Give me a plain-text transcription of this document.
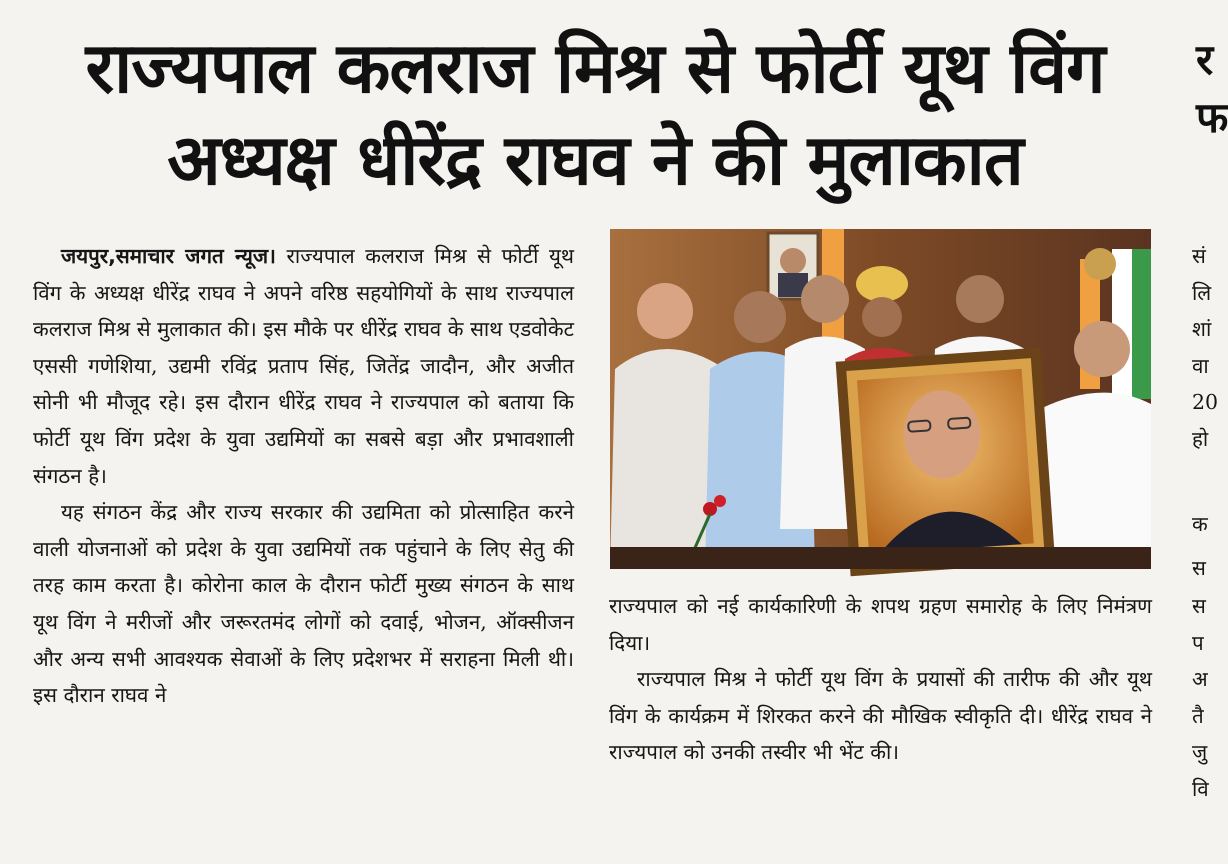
राज्यपाल कलराज मिश्र से फोर्टी यूथ विंग
अध्यक्ष धीरेंद्र राघव ने की मुलाकात

जयपुर,समाचार जगत न्यूज। राज्यपाल कलराज मिश्र से फोर्टी यूथ विंग के अध्यक्ष धीरेंद्र राघव ने अपने वरिष्ठ सहयोगियों के साथ राज्यपाल कलराज मिश्र से मुलाकात की। इस मौके पर धीरेंद्र राघव के साथ एडवोकेट एससी गणेशिया, उद्यमी रविंद्र प्रताप सिंह, जितेंद्र जादौन, और अजीत सोनी भी मौजूद रहे। इस दौरान धीरेंद्र राघव ने राज्यपाल को बताया कि फोर्टी यूथ विंग प्रदेश के युवा उद्यमियों का सबसे बड़ा और प्रभावशाली संगठन है।

यह संगठन केंद्र और राज्य सरकार की उद्यमिता को प्रोत्साहित करने वाली योजनाओं को प्रदेश के युवा उद्यमियों तक पहुंचाने के लिए सेतु की तरह काम करता है। कोरोना काल के दौरान फोर्टी मुख्य संगठन के साथ यूथ विंग ने मरीजों और जरूरतमंद लोगों को दवाई, भोजन, ऑक्सीजन और अन्य सभी आवश्यक सेवाओं के लिए प्रदेशभर में सराहना मिली थी। इस दौरान राघव ने

राज्यपाल को नई कार्यकारिणी के शपथ ग्रहण समारोह के लिए निमंत्रण दिया।

राज्यपाल मिश्र ने फोर्टी यूथ विंग के प्रयासों की तारीफ की और यूथ विंग के कार्यक्रम में शिरकत करने की मौखिक स्वीकृति दी। धीरेंद्र राघव ने राज्यपाल को उनकी तस्वीर भी भेंट की।

र
फ
सं
लि
शां
वा
20
हो
क
स
स
प
अ
तै
जु
वि
